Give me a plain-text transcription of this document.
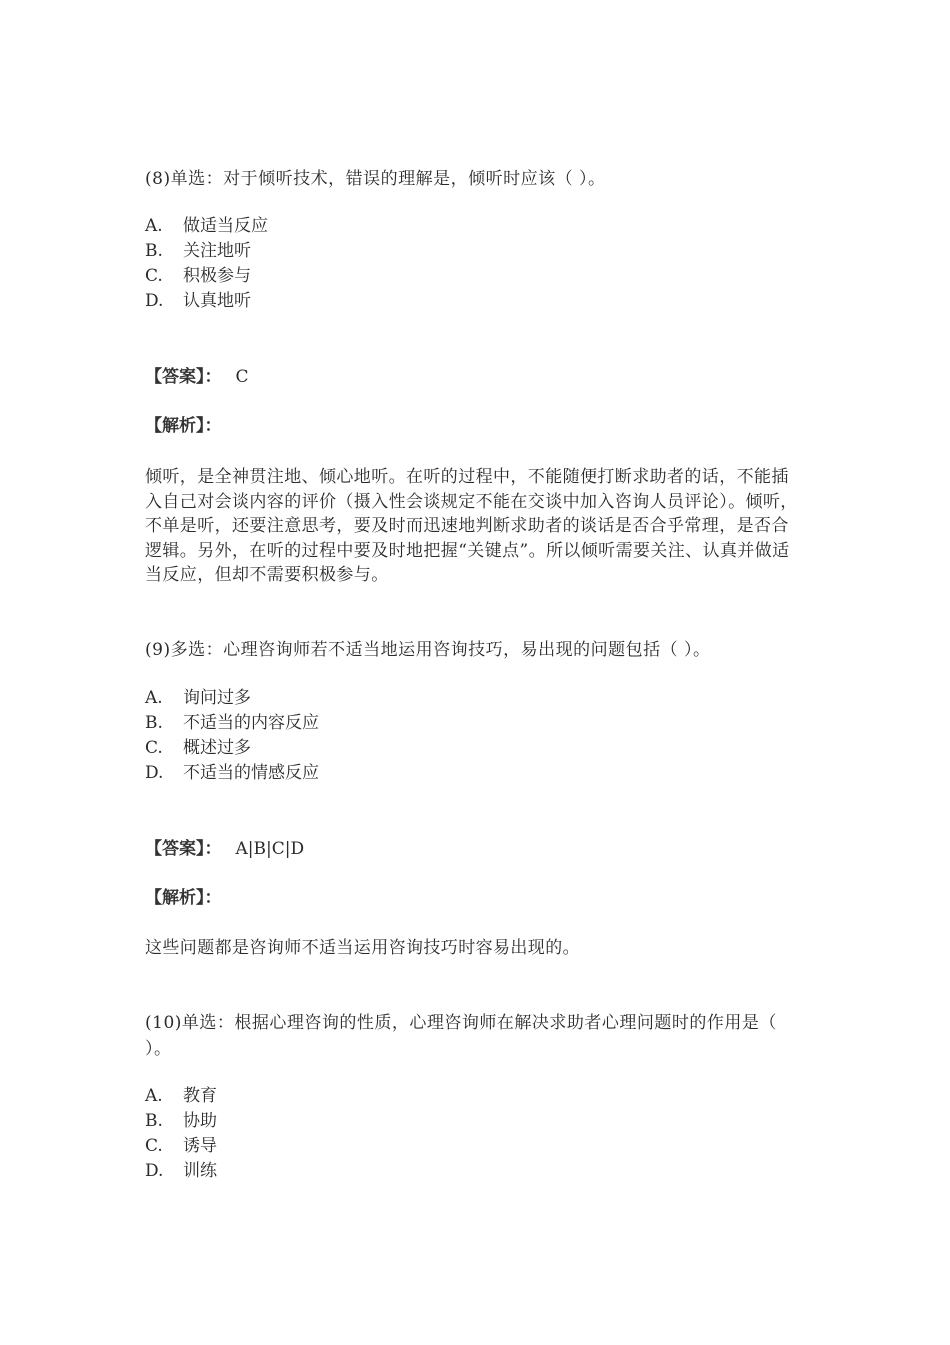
(8)单选：对于倾听技术，错误的理解是，倾听时应该（ ）。
A. 做适当反应
B. 关注地听
C. 积极参与
D. 认真地听
【答案】： C
【解析】：
倾听，是全神贯注地、倾心地听。在听的过程中，不能随便打断求助者的话，不能插入自己对会谈内容的评价（摄入性会谈规定不能在交谈中加入咨询人员评论）。倾听，不单是听，还要注意思考，要及时而迅速地判断求助者的谈话是否合乎常理，是否合逻辑。另外，在听的过程中要及时地把握“关键点”。所以倾听需要关注、认真并做适当反应，但却不需要积极参与。
(9)多选：心理咨询师若不适当地运用咨询技巧，易出现的问题包括（ ）。
A. 询问过多
B. 不适当的内容反应
C. 概述过多
D. 不适当的情感反应
【答案】： A|B|C|D
【解析】：
这些问题都是咨询师不适当运用咨询技巧时容易出现的。
(10)单选：根据心理咨询的性质，心理咨询师在解决求助者心理问题时的作用是（ ）。
A. 教育
B. 协助
C. 诱导
D. 训练
